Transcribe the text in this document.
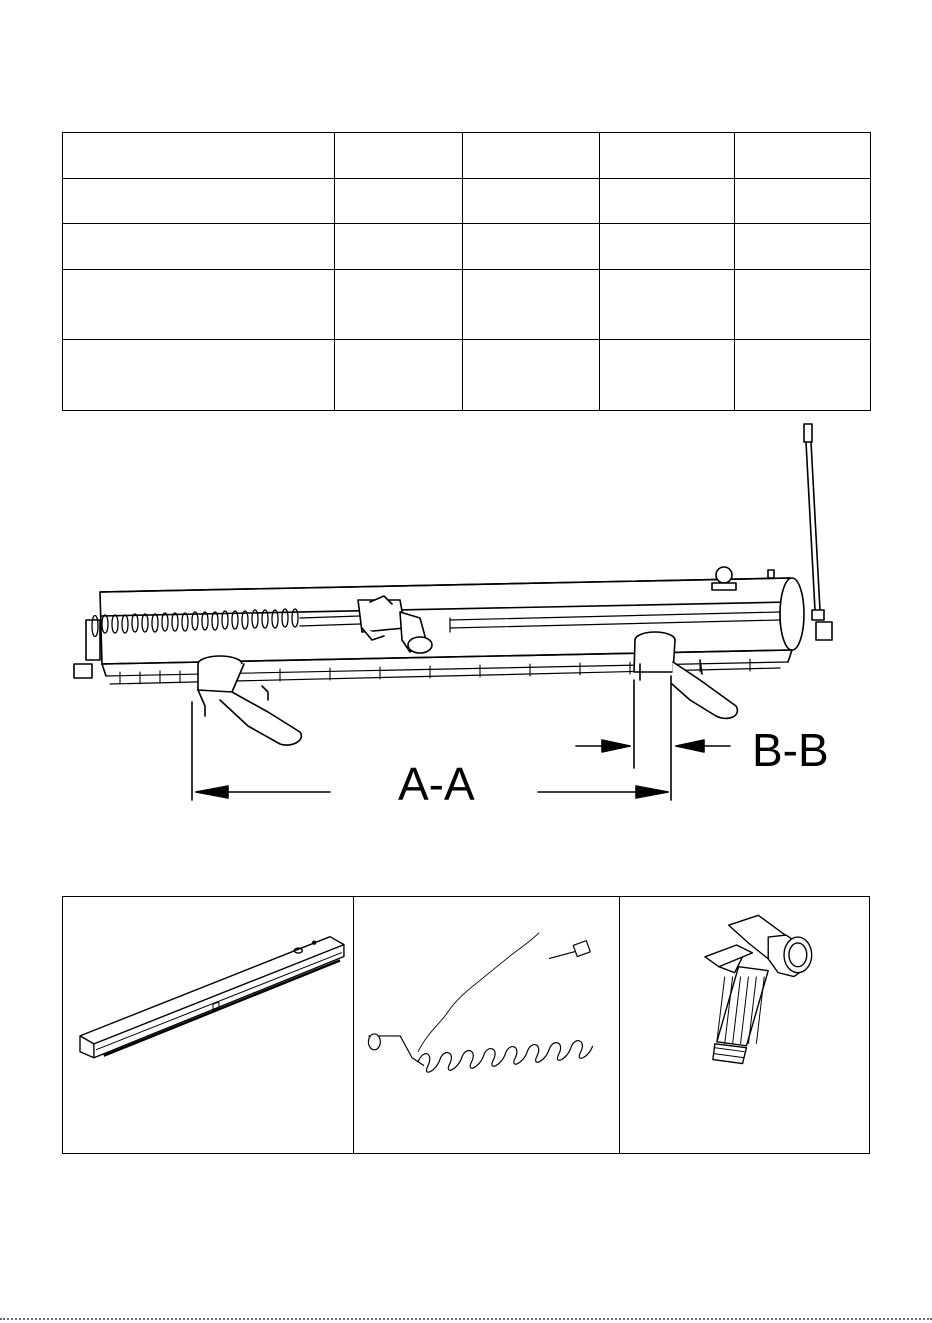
A-A
B-B
